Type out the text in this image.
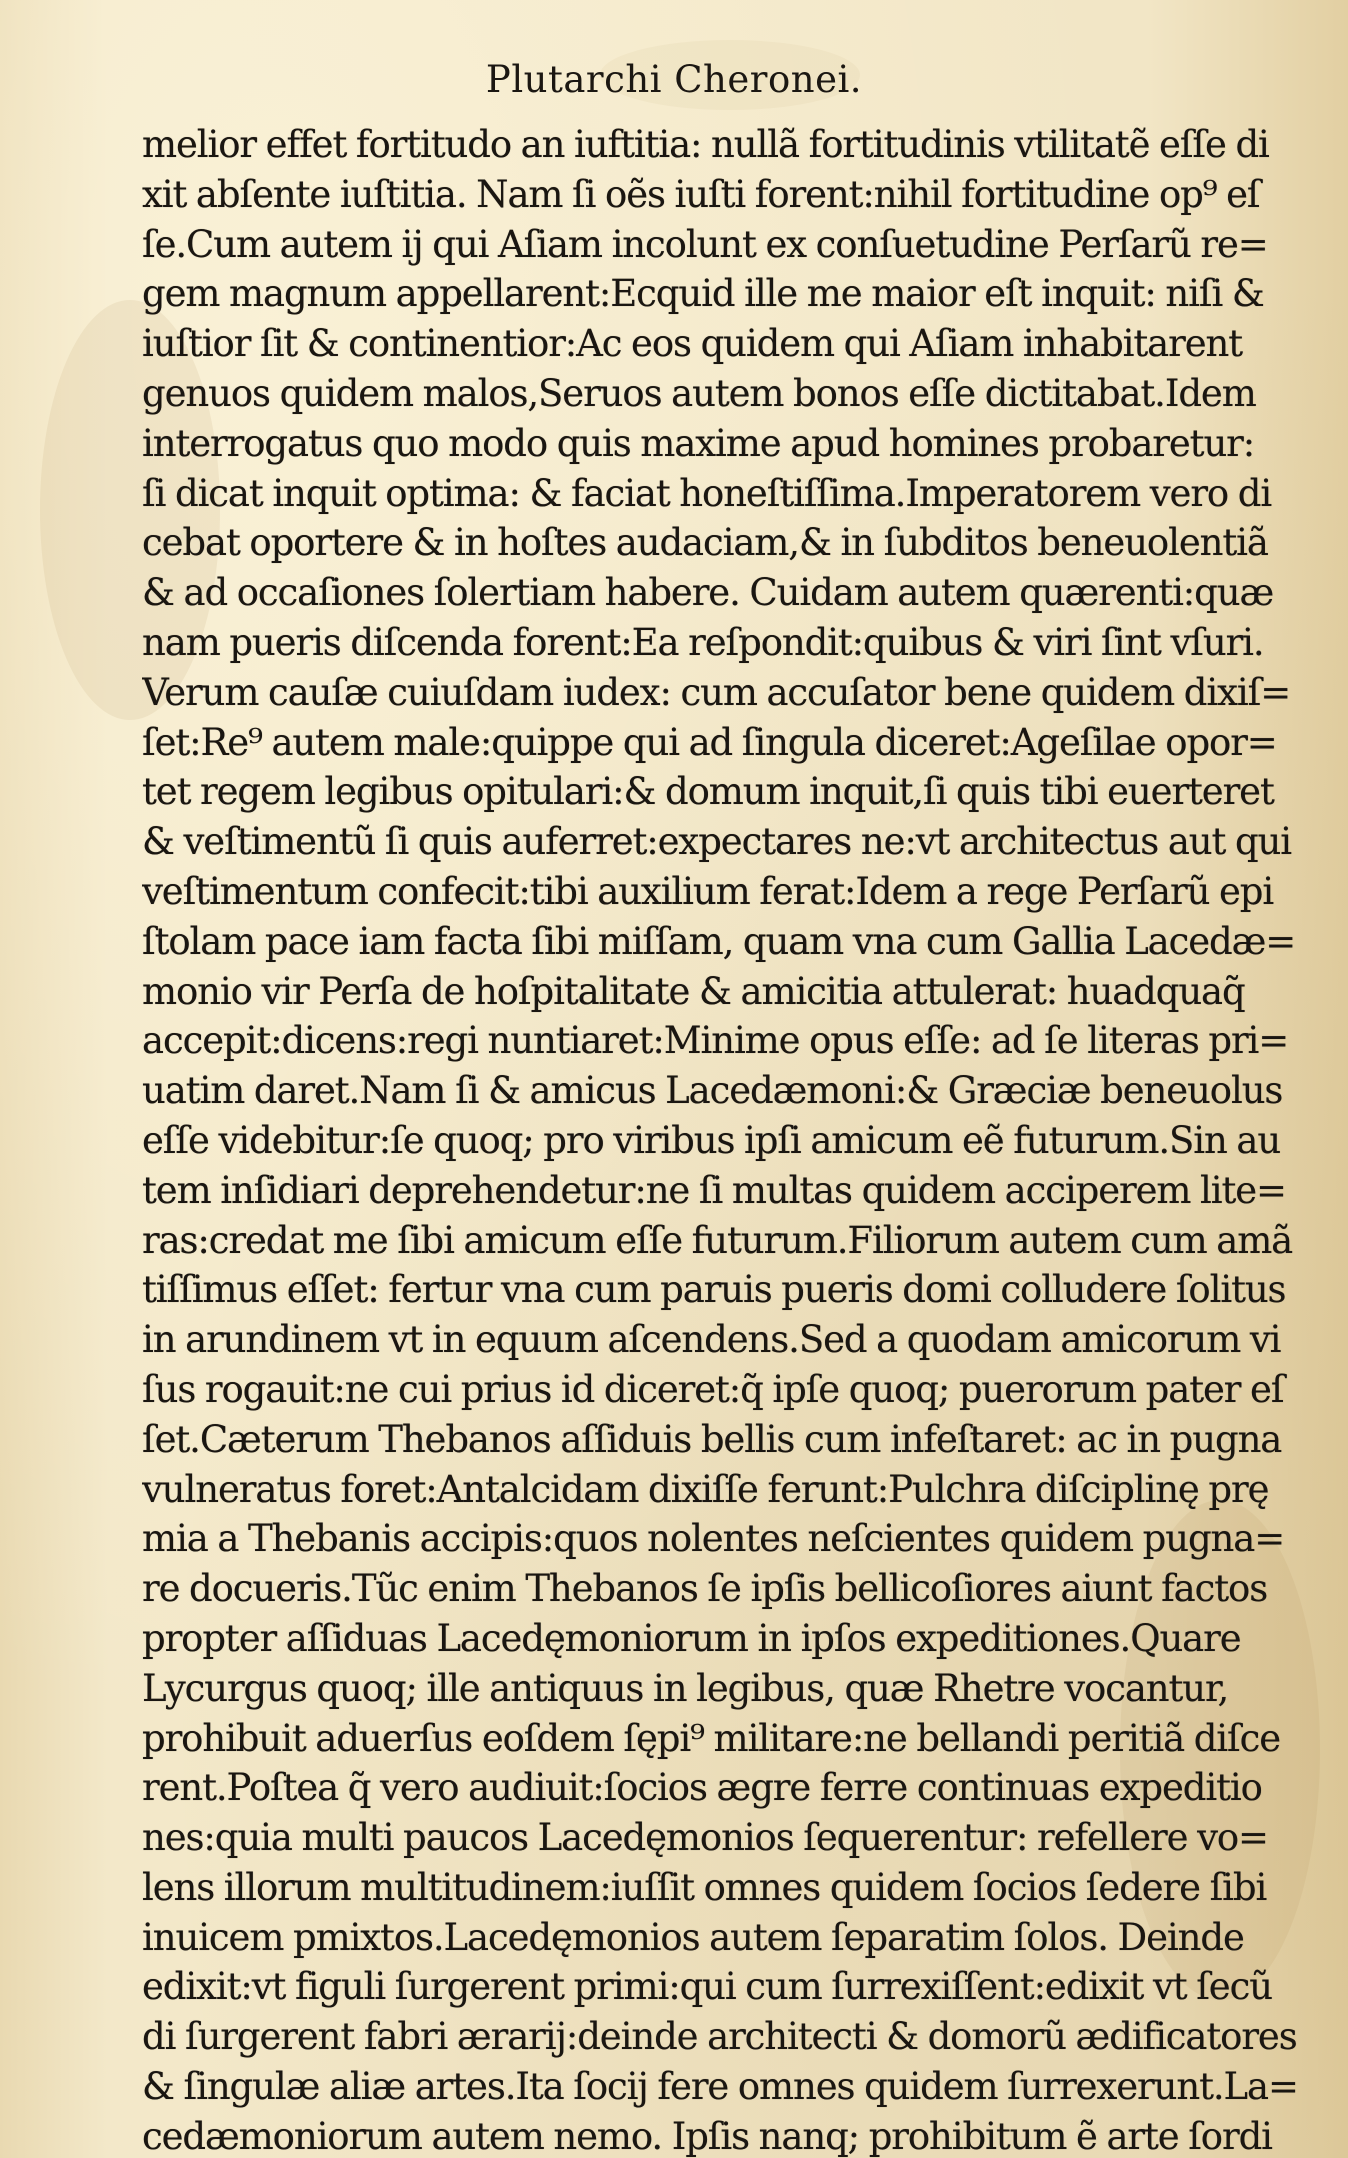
Plutarchi Cheronei.
melior effet fortitudo an iuftitia: nullã fortitudinis vtilitatẽ eſſe di
xit abſente iuſtitia. Nam ſi oẽs iuſti forent:nihil fortitudine op⁹ eſ
ſe.Cum autem ij qui Aſiam incolunt ex conſuetudine Perſarũ re=
gem magnum appellarent:Ecquid ille me maior eſt inquit: niſi &
iuſtior ſit & continentior:Ac eos quidem qui Aſiam inhabitarent
genuos quidem malos,Seruos autem bonos eſſe dictitabat.Idem
interrogatus quo modo quis maxime apud homines probaretur:
ſi dicat inquit optima: & faciat honeſtiſſima.Imperatorem vero di
cebat oportere & in hoſtes audaciam,& in ſubditos beneuolentiã
& ad occaſiones ſolertiam habere. Cuidam autem quærenti:quæ
nam pueris diſcenda forent:Ea reſpondit:quibus & viri ſint vſuri.
Verum cauſæ cuiuſdam iudex: cum accuſator bene quidem dixiſ=
ſet:Re⁹ autem male:quippe qui ad ſingula diceret:Ageſilae opor=
tet regem legibus opitulari:& domum inquit,ſi quis tibi euerteret
& veſtimentũ ſi quis auferret:expectares ne:vt architectus aut qui
veſtimentum confecit:tibi auxilium ferat:Idem a rege Perſarũ epi
ſtolam pace iam facta ſibi miſſam, quam vna cum Gallia Lacedæ=
monio vir Perſa de hoſpitalitate & amicitia attulerat: huadquaq̃
accepit:dicens:regi nuntiaret:Minime opus eſſe: ad ſe literas pri=
uatim daret.Nam ſi & amicus Lacedæmoni:& Græciæ beneuolus
eſſe videbitur:ſe quoq; pro viribus ipſi amicum eẽ futurum.Sin au
tem inſidiari deprehendetur:ne ſi multas quidem acciperem lite=
ras:credat me ſibi amicum eſſe futurum.Filiorum autem cum amã
tiſſimus eſſet: fertur vna cum paruis pueris domi colludere ſolitus
in arundinem vt in equum aſcendens.Sed a quodam amicorum vi
ſus rogauit:ne cui prius id diceret:q̃ ipſe quoq; puerorum pater eſ
ſet.Cæterum Thebanos aſſiduis bellis cum infeſtaret: ac in pugna
vulneratus foret:Antalcidam dixiſſe ferunt:Pulchra diſciplinę prę
mia a Thebanis accipis:quos nolentes neſcientes quidem pugna=
re docueris.Tũc enim Thebanos ſe ipſis bellicoſiores aiunt factos
propter aſſiduas Lacedęmoniorum in ipſos expeditiones.Quare
Lycurgus quoq; ille antiquus in legibus, quæ Rhetre vocantur,
prohibuit aduerſus eoſdem ſępi⁹ militare:ne bellandi peritiã diſce
rent.Poſtea q̃ vero audiuit:ſocios ægre ferre continuas expeditio
nes:quia multi paucos Lacedęmonios ſequerentur: refellere vo=
lens illorum multitudinem:iuſſit omnes quidem ſocios ſedere ſibi
inuicem pmixtos.Lacedęmonios autem ſeparatim ſolos. Deinde
edixit:vt figuli ſurgerent primi:qui cum ſurrexiſſent:edixit vt ſecũ
di ſurgerent fabri ærarij:deinde architecti & domorũ ædificatores
& ſingulæ aliæ artes.Ita ſocij fere omnes quidem ſurrexerunt.La=
cedæmoniorum autem nemo. Ipſis nanq; prohibitum ẽ arte ſordi
